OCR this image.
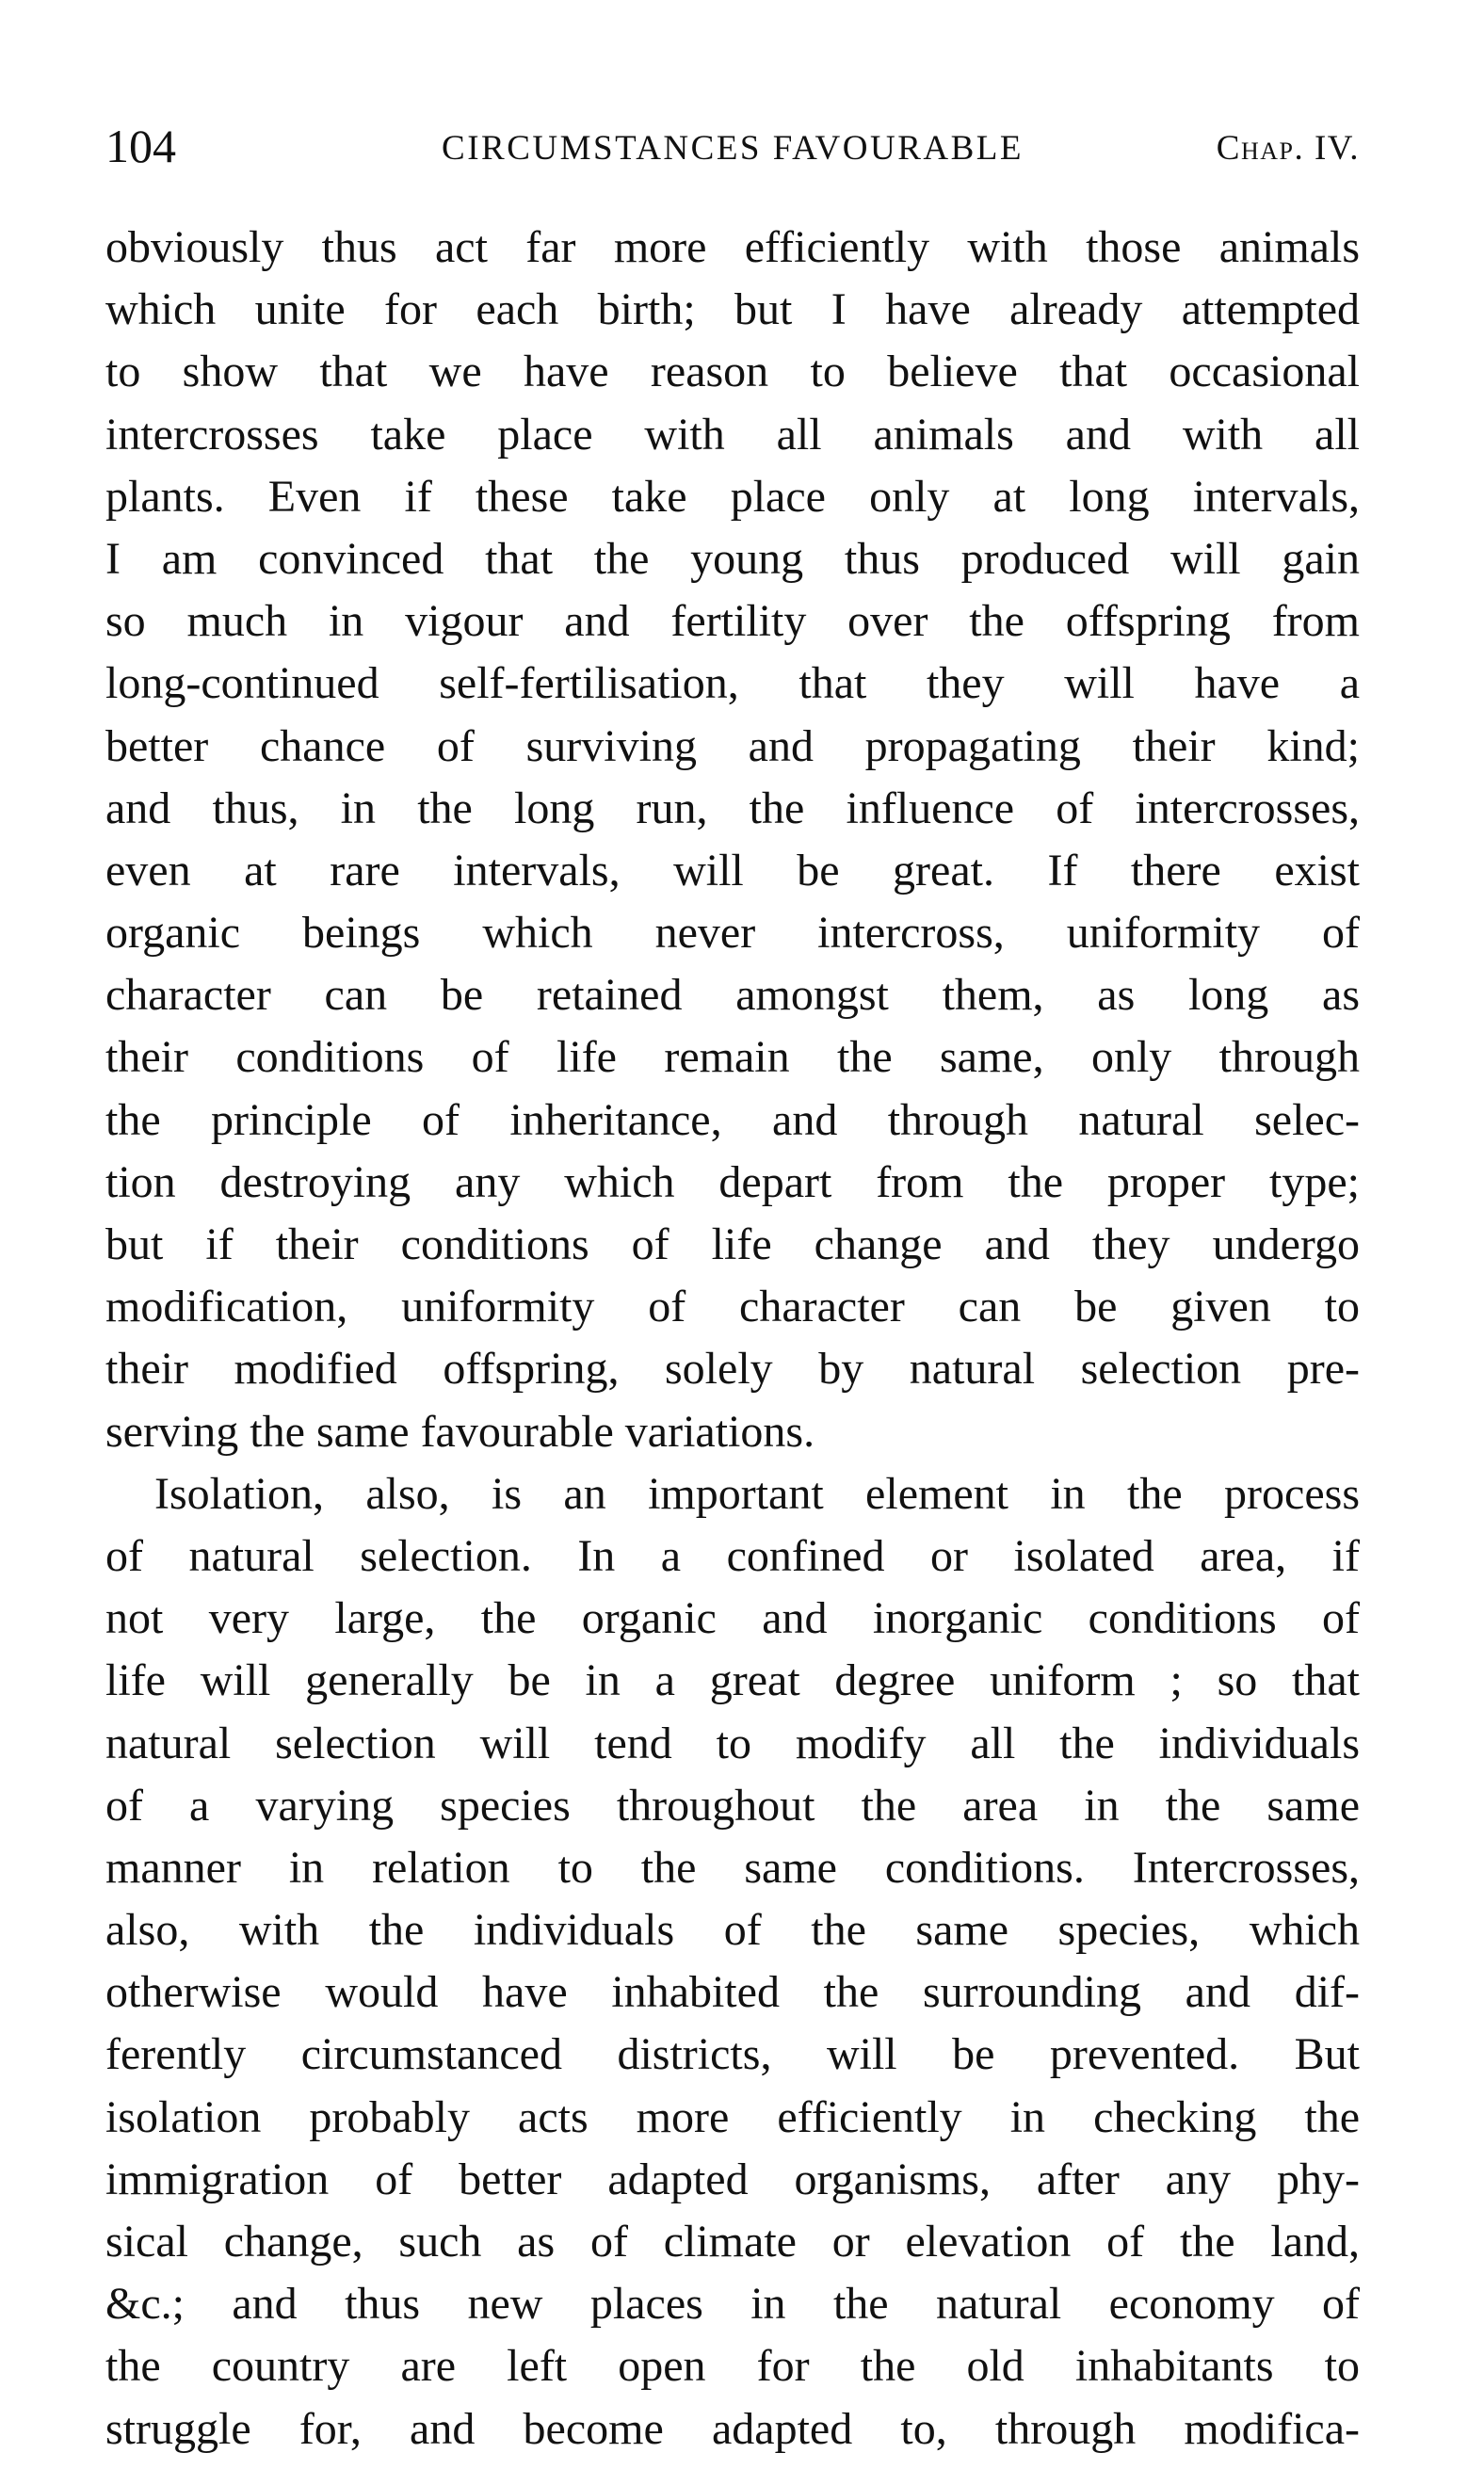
104	CIRCUMSTANCES FAVOURABLE	Chap. IV.
obviously thus act far more efficiently with those animals
which unite for each birth; but I have already attempted
to show that we have reason to believe that occasional
intercrosses take place with all animals and with all
plants. Even if these take place only at long intervals,
I am convinced that the young thus produced will gain
so much in vigour and fertility over the offspring from
long-continued self-fertilisation, that they will have a
better chance of surviving and propagating their kind;
and thus, in the long run, the influence of intercrosses,
even at rare intervals, will be great. If there exist
organic beings which never intercross, uniformity of
character can be retained amongst them, as long as
their conditions of life remain the same, only through
the principle of inheritance, and through natural selec-
tion destroying any which depart from the proper type;
but if their conditions of life change and they undergo
modification, uniformity of character can be given to
their modified offspring, solely by natural selection pre-
serving the same favourable variations.
Isolation, also, is an important element in the process
of natural selection. In a confined or isolated area, if
not very large, the organic and inorganic conditions of
life will generally be in a great degree uniform ; so that
natural selection will tend to modify all the individuals
of a varying species throughout the area in the same
manner in relation to the same conditions. Intercrosses,
also, with the individuals of the same species, which
otherwise would have inhabited the surrounding and dif-
ferently circumstanced districts, will be prevented. But
isolation probably acts more efficiently in checking the
immigration of better adapted organisms, after any phy-
sical change, such as of climate or elevation of the land,
&c.; and thus new places in the natural economy of
the country are left open for the old inhabitants to
struggle for, and become adapted to, through modifica-
